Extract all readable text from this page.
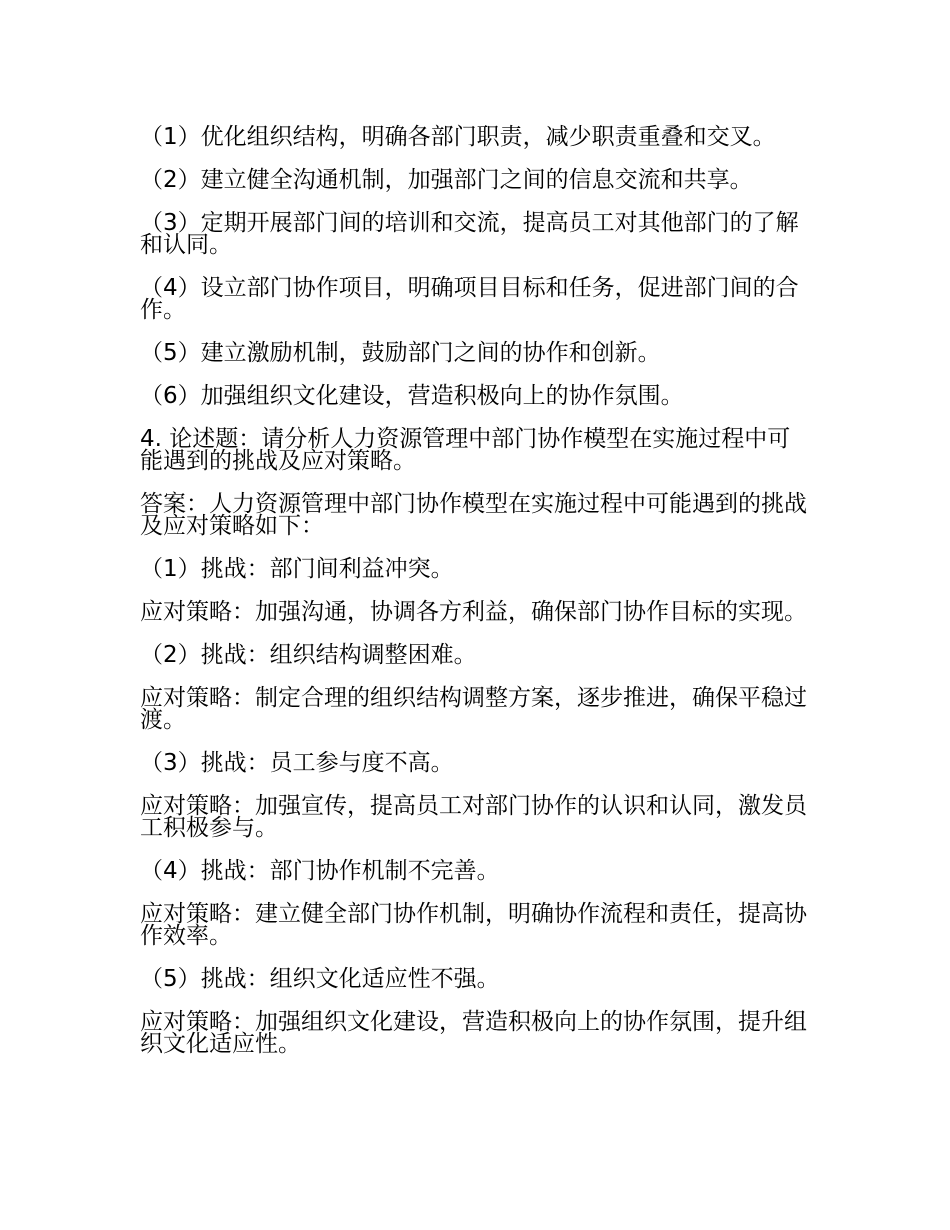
（1）优化组织结构，明确各部门职责，减少职责重叠和交叉。

（2）建立健全沟通机制，加强部门之间的信息交流和共享。

（3）定期开展部门间的培训和交流，提高员工对其他部门的了解和认同。

（4）设立部门协作项目，明确项目目标和任务，促进部门间的合作。

（5）建立激励机制，鼓励部门之间的协作和创新。

（6）加强组织文化建设，营造积极向上的协作氛围。

4. 论述题：请分析人力资源管理中部门协作模型在实施过程中可能遇到的挑战及应对策略。

答案：人力资源管理中部门协作模型在实施过程中可能遇到的挑战及应对策略如下：

（1）挑战：部门间利益冲突。

应对策略：加强沟通，协调各方利益，确保部门协作目标的实现。

（2）挑战：组织结构调整困难。

应对策略：制定合理的组织结构调整方案，逐步推进，确保平稳过渡。

（3）挑战：员工参与度不高。

应对策略：加强宣传，提高员工对部门协作的认识和认同，激发员工积极参与。

（4）挑战：部门协作机制不完善。

应对策略：建立健全部门协作机制，明确协作流程和责任，提高协作效率。

（5）挑战：组织文化适应性不强。

应对策略：加强组织文化建设，营造积极向上的协作氛围，提升组织文化适应性。
